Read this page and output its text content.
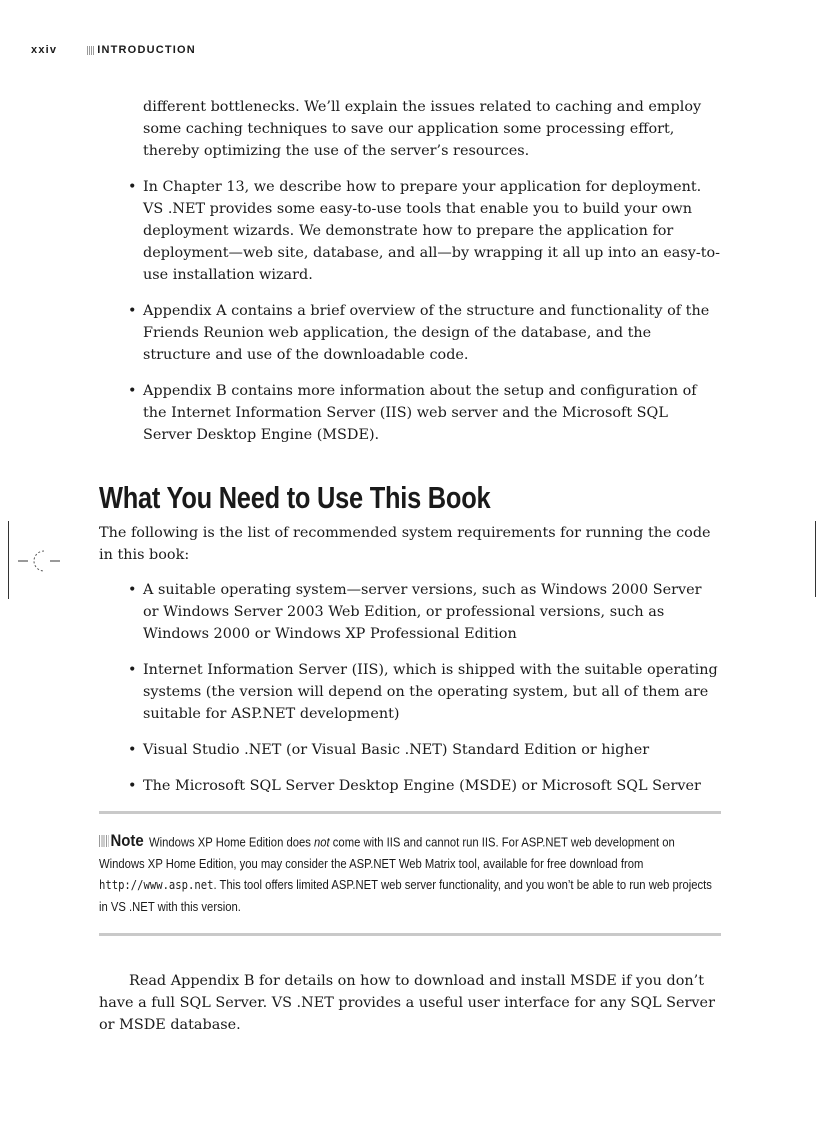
xxiv	INTRODUCTION

different bottlenecks. We’ll explain the issues related to caching and employ some caching techniques to save our application some processing effort, thereby optimizing the use of the server’s resources.

• In Chapter 13, we describe how to prepare your application for deployment. VS .NET provides some easy-to-use tools that enable you to build your own deployment wizards. We demonstrate how to prepare the application for deployment—web site, database, and all—by wrapping it all up into an easy-to-use installation wizard.
• Appendix A contains a brief overview of the structure and functionality of the Friends Reunion web application, the design of the database, and the structure and use of the downloadable code.
• Appendix B contains more information about the setup and configuration of the Internet Information Server (IIS) web server and the Microsoft SQL Server Desktop Engine (MSDE).
What You Need to Use This Book

The following is the list of recommended system requirements for running the code in this book:

• A suitable operating system—server versions, such as Windows 2000 Server or Windows Server 2003 Web Edition, or professional versions, such as Windows 2000 or Windows XP Professional Edition
• Internet Information Server (IIS), which is shipped with the suitable operating systems (the version will depend on the operating system, but all of them are suitable for ASP.NET development)
• Visual Studio .NET (or Visual Basic .NET) Standard Edition or higher
• The Microsoft SQL Server Desktop Engine (MSDE) or Microsoft SQL Server

Note Windows XP Home Edition does not come with IIS and cannot run IIS. For ASP.NET web development on Windows XP Home Edition, you may consider the ASP.NET Web Matrix tool, available for free download from http://www.asp.net. This tool offers limited ASP.NET web server functionality, and you won’t be able to run web projects in VS .NET with this version.

Read Appendix B for details on how to download and install MSDE if you don’t have a full SQL Server. VS .NET provides a useful user interface for any SQL Server or MSDE database.
